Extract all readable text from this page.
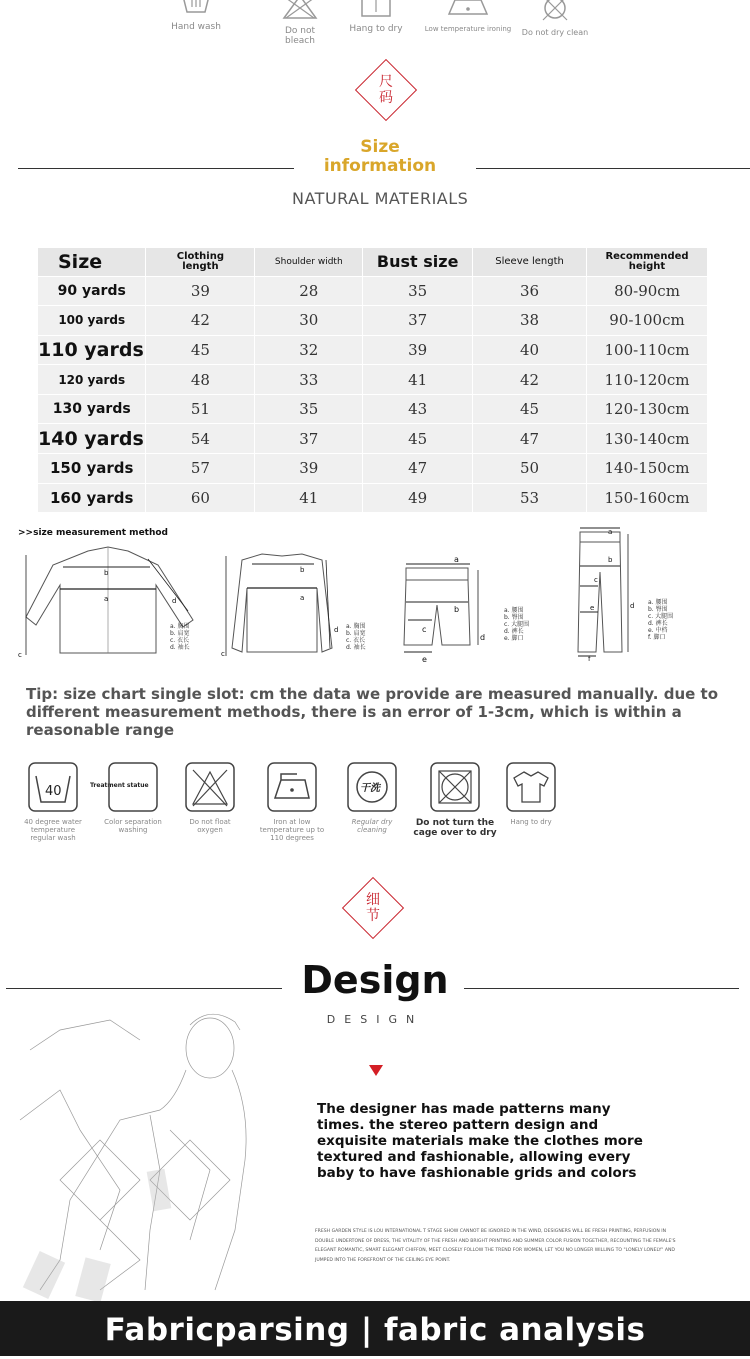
Hand wash	Do not bleach
Hang to dry	Low temperature ironing	Do not dry clean
尺
码
Size
information
NATURAL MATERIALS
Size	Clothing length	Shoulder width	Bust size	Sleeve length	Recommended height
90 yards	39	28	35	36	80-90cm
100 yards	42	30	37	38	90-100cm
110 yards	45	32	39	40	100-110cm
120 yards	48	33	41	42	110-120cm
130 yards	51	35	43	45	120-130cm
140 yards	54	37	45	47	130-140cm
150 yards	57	39	47	50	140-150cm
160 yards	60	41	49	53	150-160cm
>>size measurement method
c
b
a	d
a. 胸围
b. 肩宽
c. 衣长
d. 袖长
c
b
a
d a. 胸围
b. 肩宽
c. 衣长
d. 袖长
a
b
c
d
e
a. 腰围
b. 臀围
c. 大腿围
d. 裤长
e. 脚口
a
b
c
d
e
f
a. 腰围
b. 臀围
c. 大腿围
d. 裤长
e. 中档
f. 脚口
Tip: size chart single slot: cm the data we provide are measured manually. due to different measurement methods, there is an error of 1-3cm, which is within a reasonable range
40
40 degree water temperature regular wash
Treatment statue
Color separation washing
Do not float oxygen
Iron at low temperature up to 110 degrees
干洗
Regular dry cleaning
Do not turn the cage over to dry
Hang to dry
细
节
Design
DESIGN
The designer has made patterns many times. the stereo pattern design and exquisite materials make the clothes more textured and fashionable, allowing every baby to have fashionable grids and colors
FRESH GARDEN STYLE IS LOU INTERNATIONAL T STAGE SHOW CANNOT BE IGNORED IN THE WIND, DESIGNERS WILL BE FRESH PRINTING, PERFUSION IN DOUBLE UNDERTONE OF DRESS, THE VITALITY OF THE FRESH AND BRIGHT PRINTING AND SUMMER COLOR FUSION TOGETHER, RECOUNTING THE FEMALE'S ELEGANT ROMANTIC, SMART ELEGANT CHIFFON, MEET CLOSELY FOLLOW THE TREND FOR WOMEN, LET YOU NO LONGER WILLING TO "LONELY LONELY" AND JUMPED INTO THE FOREFRONT OF THE CEILING EYE POINT.
Fabricparsing | fabric analysis
